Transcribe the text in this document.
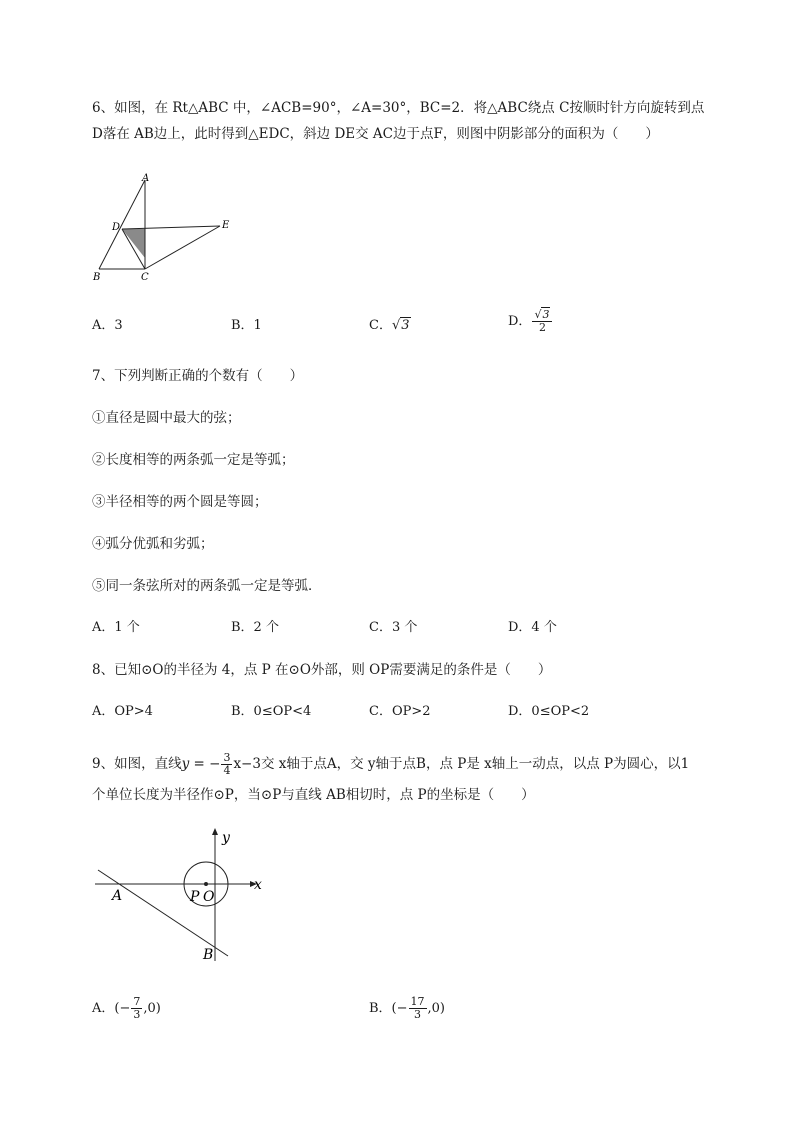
6、如图，在 Rt△ABC 中，∠ACB=90°，∠A=30°，BC=2．将△ABC绕点 C按顺时针方向旋转到点
D落在 AB边上，此时得到△EDC，斜边 DE交 AC边于点F，则图中阴影部分的面积为（　　）
A
D	E
B	C
A．3	B．1	C．√3	D． $\frac{√3}{2}$
7、下列判断正确的个数有（　　）
①直径是圆中最大的弦；
②长度相等的两条弧一定是等弧；
③半径相等的两个圆是等圆；
④弧分优弧和劣弧；
⑤同一条弦所对的两条弧一定是等弧．
A．1 个	B．2 个	C．3 个	D．4 个
8、已知⊙O的半径为 4，点 P 在⊙O外部，则 OP需要满足的条件是（　　）
A．OP>4	B．0≤OP<4	C．OP>2	D．0≤OP<2
9、如图，直线y = − $\frac{3}{4} x-3$交 x轴于点A，交 y轴于点B，点 P是 x轴上一动点，以点 P为圆心，以1
个单位长度为半径作⊙P，当⊙P与直线 AB相切时，点 P的坐标是（　　）
y
x
A	P O
B
A．(− $\frac{7}{3} ,0$)	B．(− $\frac{17}{3} ,0$)
